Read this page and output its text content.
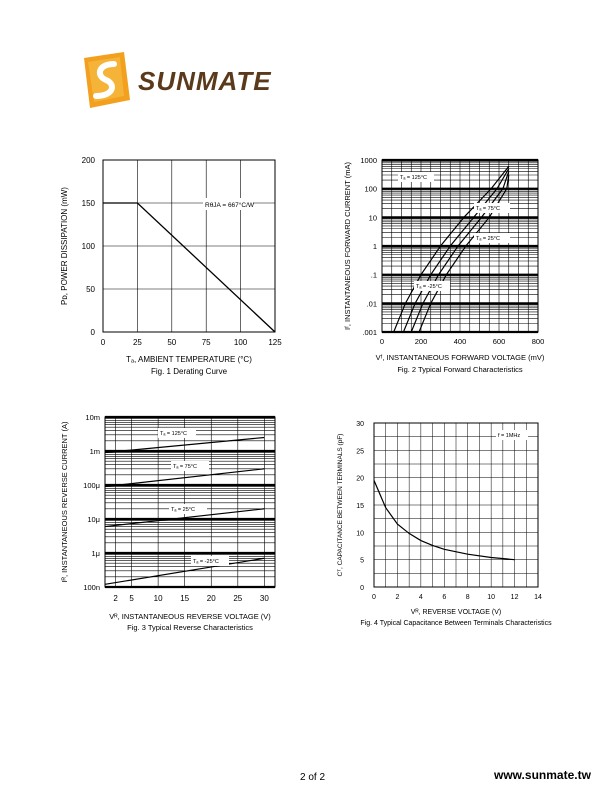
SUNMATE
0	25	50	75	100	125
0
50
100
150
200
RθJA = 667°C/W
Tₐ, AMBIENT TEMPERATURE (°C)
Fig. 1 Derating Curve
Pᴅ, POWER DISSIPATION (mW)
0	200	400	600	800
.001
.01
.1
1
10
100
1000
Tₐ = 125°C
Tₐ = 75°C
Tₐ = 25°C
Tₐ = -25°C
Vᶠ, INSTANTANEOUS FORWARD VOLTAGE (mV)
Fig. 2 Typical Forward Characteristics
Iᶠ, INSTANTANEOUS FORWARD CURRENT (mA)
2 5 10 15 20 25 30
100n
1μ
10μ
100μ
1m
10m
Tₐ = 125°C
Tₐ = 75°C
Tₐ = 25°C
Tₐ = -25°C
Vᴿ, INSTANTANEOUS REVERSE VOLTAGE (V)
Fig. 3 Typical Reverse Characteristics
Iᴿ, INSTANTANEOUS REVERSE CURRENT (A)
0	2	4	6	8	10 12 14
0
5
10
15
20
25
30
f = 1MHz
Vᴿ, REVERSE VOLTAGE (V)
Fig. 4 Typical Capacitance Between Terminals Characteristics
Cᵀ, CAPACITANCE BETWEEN TERMINALS (pF)
2 of 2	www.sunmate.tw
